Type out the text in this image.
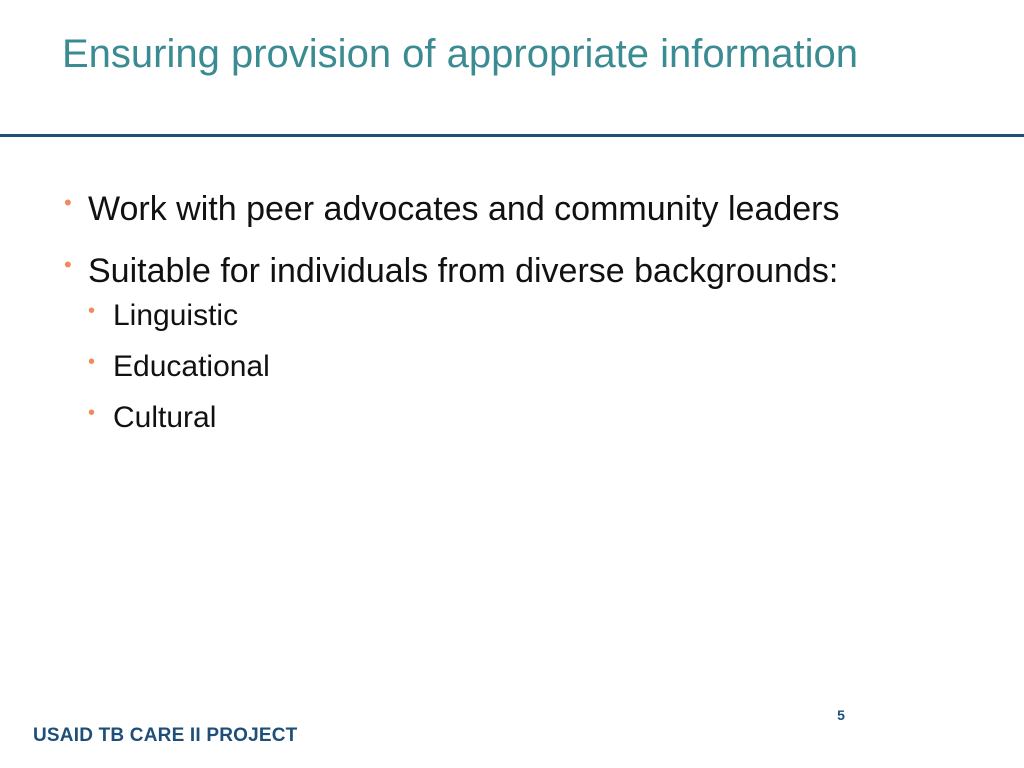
Ensuring provision of appropriate information
• Work with peer advocates and community leaders
• Suitable for individuals from diverse backgrounds:
• Linguistic
• Educational
• Cultural
5
USAID TB CARE II PROJECT
